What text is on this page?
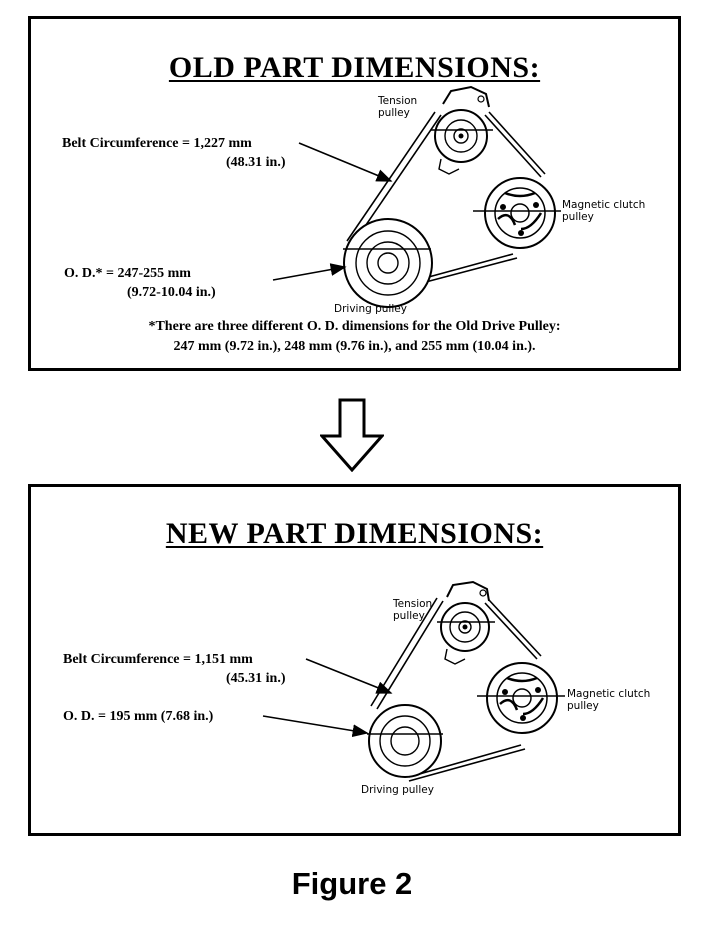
OLD PART DIMENSIONS:
Tension
pulley
Magnetic clutch
pulley
Driving pulley
Belt Circumference = 1,227 mm
(48.31 in.)
O. D.* = 247-255 mm
(9.72-10.04 in.)
*There are three different O. D. dimensions for the Old Drive Pulley:
247 mm (9.72 in.), 248 mm (9.76 in.), and 255 mm (10.04 in.).
NEW PART DIMENSIONS:
Tension
pulley
Magnetic clutch
pulley
Driving pulley
Belt Circumference = 1,151 mm
(45.31 in.)
O. D. = 195 mm (7.68 in.)
Figure 2
